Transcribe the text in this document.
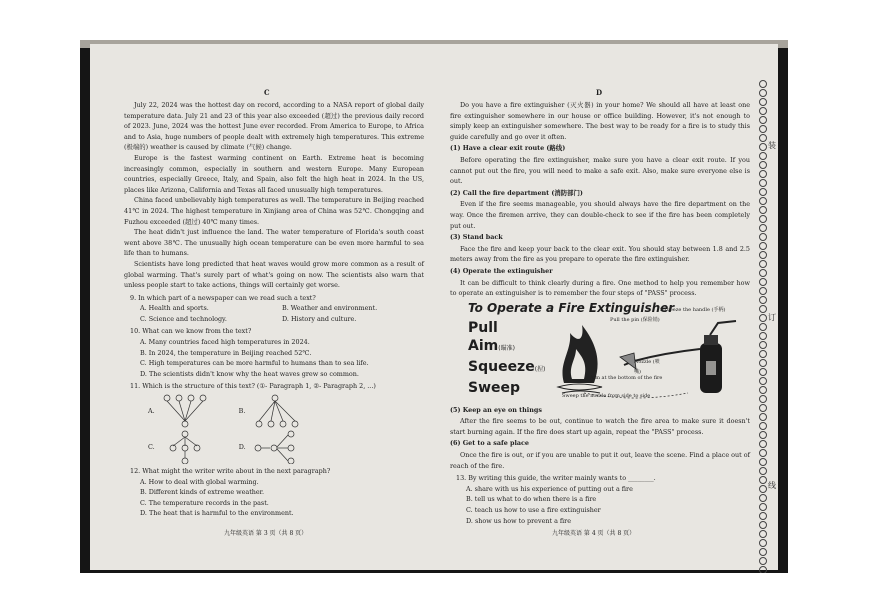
C

July 22, 2024 was the hottest day on record, according to a NASA report of global daily temperature data. July 21 and 23 of this year also exceeded (超过) the previous daily record of 2023. June, 2024 was the hottest June ever recorded. From America to Europe, to Africa and to Asia, huge numbers of people dealt with extremely high temperatures. This extreme (极端的) weather is caused by climate (气候) change.

Europe is the fastest warming continent on Earth. Extreme heat is becoming increasingly common, especially in southern and western Europe. Many European countries, especially Greece, Italy, and Spain, also felt the high heat in 2024. In the US, places like Arizona, California and Texas all faced unusually high temperatures.

China faced unbelievably high temperatures as well. The temperature in Beijing reached 41℃ in 2024. The highest temperature in Xinjiang area of China was 52℃. Chongqing and Fuzhou exceeded (超过) 40℃ many times.

The heat didn't just influence the land. The water temperature of Florida's south coast went above 38℃. The unusually high ocean temperature can be even more harmful to sea life than to humans.

Scientists have long predicted that heat waves would grow more common as a result of global warming. That's surely part of what's going on now. The scientists also warn that unless people start to take actions, things will certainly get worse.

9. In which part of a newspaper can we read such a text?

A. Health and sports.	B. Weather and environment.
C. Science and technology.	D. History and culture.

10. What can we know from the text?

A. Many countries faced high temperatures in 2024.

B. In 2024, the temperature in Beijing reached 52℃.

C. High temperatures can be more harmful to humans than to sea life.

D. The scientists didn't know why the heat waves grew so common.

11. Which is the structure of this text? (①- Paragraph 1, ②- Paragraph 2, ...)

A.	B.
C.	D.

12. What might the writer write about in the next paragraph?

A. How to deal with global warming.

B. Different kinds of extreme weather.

C. The temperature records in the past.

D. The heat that is harmful to the environment.

九年级英语 第 3 页（共 8 页）
D

Do you have a fire extinguisher (灭火器) in your home? We should all have at least one fire extinguisher somewhere in our house or office building. However, it's not enough to simply keep an extinguisher somewhere. The best way to be ready for a fire is to study this guide carefully and go over it often.

(1) Have a clear exit route (路线)

Before operating the fire extinguisher, make sure you have a clear exit route. If you cannot put out the fire, you will need to make a safe exit. Also, make sure everyone else is out.

(2) Call the fire department (消防部门)

Even if the fire seems manageable, you should always have the fire department on the way. Once the firemen arrive, they can double-check to see if the fire has been completely put out.

(3) Stand back

Face the fire and keep your back to the clear exit. You should stay between 1.8 and 2.5 meters away from the fire as you prepare to operate the fire extinguisher.

(4) Operate the extinguisher

It can be difficult to think clearly during a fire. One method to help you remember how to operate an extinguisher is to remember the four steps of "PASS" process.

To Operate a Fire Extinguisher
Pull
Aim(瞄准)
Squeeze(捏)
Sweep
Pull the pin (保险销)
Squeeze the handle (手柄)
Nozzle (喷嘴)
Aim at the bottom of the fire
Sweep the nozzle from side to side

(5) Keep an eye on things

After the fire seems to be out, continue to watch the fire area to make sure it doesn't start burning again. If the fire does start up again, repeat the "PASS" process.

(6) Get to a safe place

Once the fire is out, or if you are unable to put it out, leave the scene. Find a place out of reach of the fire.

13. By writing this guide, the writer mainly wants to ________.

A. share with us his experience of putting out a fire

B. tell us what to do when there is a fire

C. teach us how to use a fire extinguisher

D. show us how to prevent a fire

九年级英语 第 4 页（共 8 页）
装
订
线
